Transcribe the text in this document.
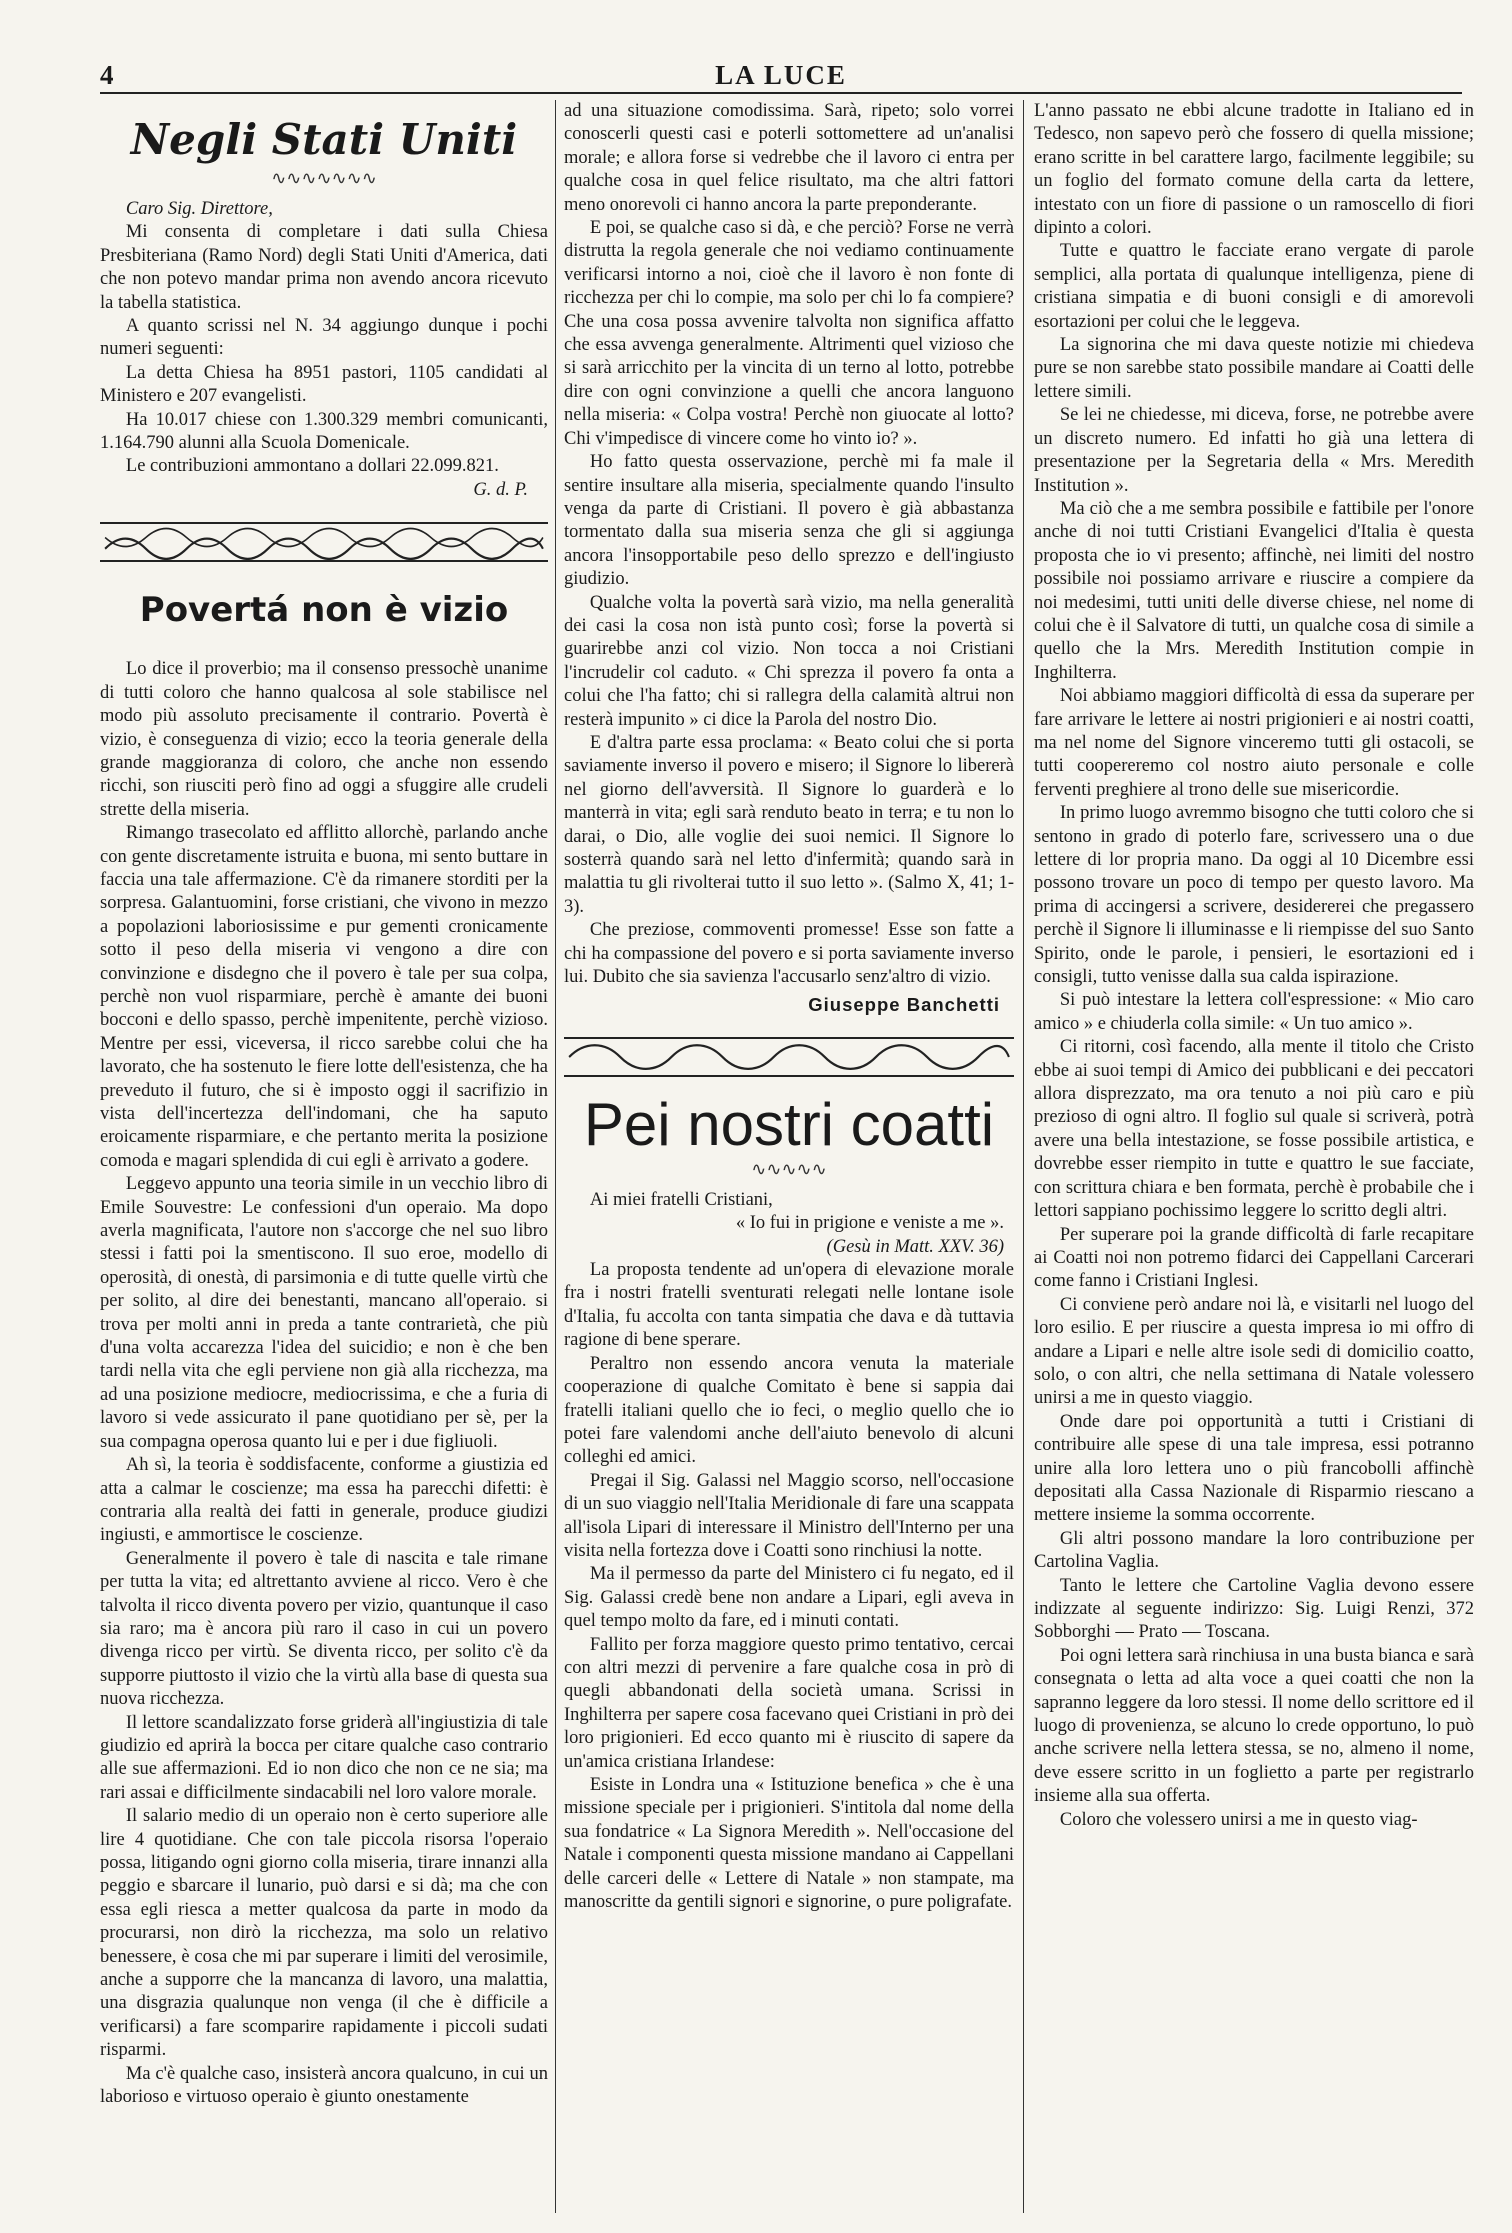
4	LA LUCE
Negli Stati Uniti
∿∿∿∿∿∿∿

Caro Sig. Direttore,

Mi consenta di completare i dati sulla Chiesa Presbiteriana (Ramo Nord) degli Stati Uniti d'America, dati che non potevo mandar prima non avendo ancora ricevuto la tabella statistica.

A quanto scrissi nel N. 34 aggiungo dunque i pochi numeri seguenti:

La detta Chiesa ha 8951 pastori, 1105 candidati al Ministero e 207 evangelisti.

Ha 10.017 chiese con 1.300.329 membri comunicanti, 1.164.790 alunni alla Scuola Domenicale.

Le contribuzioni ammontano a dollari 22.099.821.

G. d. P.
Povertá non è vizio

Lo dice il proverbio; ma il consenso pressochè unanime di tutti coloro che hanno qualcosa al sole stabilisce nel modo più assoluto precisamente il contrario. Povertà è vizio, è conseguenza di vizio; ecco la teoria generale della grande maggioranza di coloro, che anche non essendo ricchi, son riusciti però fino ad oggi a sfuggire alle crudeli strette della miseria.

Rimango trasecolato ed afflitto allorchè, parlando anche con gente discretamente istruita e buona, mi sento buttare in faccia una tale affermazione. C'è da rimanere storditi per la sorpresa. Galantuomini, forse cristiani, che vivono in mezzo a popolazioni laboriosissime e pur gementi cronicamente sotto il peso della miseria vi vengono a dire con convinzione e disdegno che il povero è tale per sua colpa, perchè non vuol risparmiare, perchè è amante dei buoni bocconi e dello spasso, perchè impenitente, perchè vizioso. Mentre per essi, viceversa, il ricco sarebbe colui che ha lavorato, che ha sostenuto le fiere lotte dell'esistenza, che ha preveduto il futuro, che si è imposto oggi il sacrifizio in vista dell'incertezza dell'indomani, che ha saputo eroicamente risparmiare, e che pertanto merita la posizione comoda e magari splendida di cui egli è arrivato a godere.

Leggevo appunto una teoria simile in un vecchio libro di Emile Souvestre: Le confessioni d'un operaio. Ma dopo averla magnificata, l'autore non s'accorge che nel suo libro stessi i fatti poi la smentiscono. Il suo eroe, modello di operosità, di onestà, di parsimonia e di tutte quelle virtù che per solito, al dire dei benestanti, mancano all'operaio. si trova per molti anni in preda a tante contrarietà, che più d'una volta accarezza l'idea del suicidio; e non è che ben tardi nella vita che egli perviene non già alla ricchezza, ma ad una posizione mediocre, mediocrissima, e che a furia di lavoro si vede assicurato il pane quotidiano per sè, per la sua compagna operosa quanto lui e per i due figliuoli.

Ah sì, la teoria è soddisfacente, conforme a giustizia ed atta a calmar le coscienze; ma essa ha parecchi difetti: è contraria alla realtà dei fatti in generale, produce giudizi ingiusti, e ammortisce le coscienze.

Generalmente il povero è tale di nascita e tale rimane per tutta la vita; ed altrettanto avviene al ricco. Vero è che talvolta il ricco diventa povero per vizio, quantunque il caso sia raro; ma è ancora più raro il caso in cui un povero divenga ricco per virtù. Se diventa ricco, per solito c'è da supporre piuttosto il vizio che la virtù alla base di questa sua nuova ricchezza.

Il lettore scandalizzato forse griderà all'ingiustizia di tale giudizio ed aprirà la bocca per citare qualche caso contrario alle sue affermazioni. Ed io non dico che non ce ne sia; ma rari assai e difficilmente sindacabili nel loro valore morale.

Il salario medio di un operaio non è certo superiore alle lire 4 quotidiane. Che con tale piccola risorsa l'operaio possa, litigando ogni giorno colla miseria, tirare innanzi alla peggio e sbarcare il lunario, può darsi e si dà; ma che con essa egli riesca a metter qualcosa da parte in modo da procurarsi, non dirò la ricchezza, ma solo un relativo benessere, è cosa che mi par superare i limiti del verosimile, anche a supporre che la mancanza di lavoro, una malattia, una disgrazia qualunque non venga (il che è difficile a verificarsi) a fare scomparire rapidamente i piccoli sudati risparmi.

Ma c'è qualche caso, insisterà ancora qualcuno, in cui un laborioso e virtuoso operaio è giunto onestamente

ad una situazione comodissima. Sarà, ripeto; solo vorrei conoscerli questi casi e poterli sottomettere ad un'analisi morale; e allora forse si vedrebbe che il lavoro ci entra per qualche cosa in quel felice risultato, ma che altri fattori meno onorevoli ci hanno ancora la parte preponderante.

E poi, se qualche caso si dà, e che perciò? Forse ne verrà distrutta la regola generale che noi vediamo continuamente verificarsi intorno a noi, cioè che il lavoro è non fonte di ricchezza per chi lo compie, ma solo per chi lo fa compiere? Che una cosa possa avvenire talvolta non significa affatto che essa avvenga generalmente. Altrimenti quel vizioso che si sarà arricchito per la vincita di un terno al lotto, potrebbe dire con ogni convinzione a quelli che ancora languono nella miseria: « Colpa vostra! Perchè non giuocate al lotto? Chi v'impedisce di vincere come ho vinto io? ».

Ho fatto questa osservazione, perchè mi fa male il sentire insultare alla miseria, specialmente quando l'insulto venga da parte di Cristiani. Il povero è già abbastanza tormentato dalla sua miseria senza che gli si aggiunga ancora l'insopportabile peso dello sprezzo e dell'ingiusto giudizio.

Qualche volta la povertà sarà vizio, ma nella generalità dei casi la cosa non istà punto così; forse la povertà si guarirebbe anzi col vizio. Non tocca a noi Cristiani l'incrudelir col caduto. « Chi sprezza il povero fa onta a colui che l'ha fatto; chi si rallegra della calamità altrui non resterà impunito » ci dice la Parola del nostro Dio.

E d'altra parte essa proclama: « Beato colui che si porta saviamente inverso il povero e misero; il Signore lo libererà nel giorno dell'avversità. Il Signore lo guarderà e lo manterrà in vita; egli sarà renduto beato in terra; e tu non lo darai, o Dio, alle voglie dei suoi nemici. Il Signore lo sosterrà quando sarà nel letto d'infermità; quando sarà in malattia tu gli rivolterai tutto il suo letto ». (Salmo X, 41; 1-3).

Che preziose, commoventi promesse! Esse son fatte a chi ha compassione del povero e si porta saviamente inverso lui. Dubito che sia savienza l'accusarlo senz'altro di vizio.

Giuseppe Banchetti
Pei nostri coatti
∿∿∿∿∿

Ai miei fratelli Cristiani,

« Io fui in prigione e veniste a me ».
(Gesù in Matt. XXV. 36)

La proposta tendente ad un'opera di elevazione morale fra i nostri fratelli sventurati relegati nelle lontane isole d'Italia, fu accolta con tanta simpatia che dava e dà tuttavia ragione di bene sperare.

Peraltro non essendo ancora venuta la materiale cooperazione di qualche Comitato è bene si sappia dai fratelli italiani quello che io feci, o meglio quello che io potei fare valendomi anche dell'aiuto benevolo di alcuni colleghi ed amici.

Pregai il Sig. Galassi nel Maggio scorso, nell'occasione di un suo viaggio nell'Italia Meridionale di fare una scappata all'isola Lipari di interessare il Ministro dell'Interno per una visita nella fortezza dove i Coatti sono rinchiusi la notte.

Ma il permesso da parte del Ministero ci fu negato, ed il Sig. Galassi credè bene non andare a Lipari, egli aveva in quel tempo molto da fare, ed i minuti contati.

Fallito per forza maggiore questo primo tentativo, cercai con altri mezzi di pervenire a fare qualche cosa in prò di quegli abbandonati della società umana. Scrissi in Inghilterra per sapere cosa facevano quei Cristiani in prò dei loro prigionieri. Ed ecco quanto mi è riuscito di sapere da un'amica cristiana Irlandese:

Esiste in Londra una « Istituzione benefica » che è una missione speciale per i prigionieri. S'intitola dal nome della sua fondatrice « La Signora Meredith ». Nell'occasione del Natale i componenti questa missione mandano ai Cappellani delle carceri delle « Lettere di Natale » non stampate, ma manoscritte da gentili signori e signorine, o pure poligrafate.

L'anno passato ne ebbi alcune tradotte in Italiano ed in Tedesco, non sapevo però che fossero di quella missione; erano scritte in bel carattere largo, facilmente leggibile; su un foglio del formato comune della carta da lettere, intestato con un fiore di passione o un ramoscello di fiori dipinto a colori.

Tutte e quattro le facciate erano vergate di parole semplici, alla portata di qualunque intelligenza, piene di cristiana simpatia e di buoni consigli e di amorevoli esortazioni per colui che le leggeva.

La signorina che mi dava queste notizie mi chiedeva pure se non sarebbe stato possibile mandare ai Coatti delle lettere simili.

Se lei ne chiedesse, mi diceva, forse, ne potrebbe avere un discreto numero. Ed infatti ho già una lettera di presentazione per la Segretaria della « Mrs. Meredith Institution ».

Ma ciò che a me sembra possibile e fattibile per l'onore anche di noi tutti Cristiani Evangelici d'Italia è questa proposta che io vi presento; affinchè, nei limiti del nostro possibile noi possiamo arrivare e riuscire a compiere da noi medesimi, tutti uniti delle diverse chiese, nel nome di colui che è il Salvatore di tutti, un qualche cosa di simile a quello che la Mrs. Meredith Institution compie in Inghilterra.

Noi abbiamo maggiori difficoltà di essa da superare per fare arrivare le lettere ai nostri prigionieri e ai nostri coatti, ma nel nome del Signore vinceremo tutti gli ostacoli, se tutti coopereremo col nostro aiuto personale e colle ferventi preghiere al trono delle sue misericordie.

In primo luogo avremmo bisogno che tutti coloro che si sentono in grado di poterlo fare, scrivessero una o due lettere di lor propria mano. Da oggi al 10 Dicembre essi possono trovare un poco di tempo per questo lavoro. Ma prima di accingersi a scrivere, desidererei che pregassero perchè il Signore li illuminasse e li riempisse del suo Santo Spirito, onde le parole, i pensieri, le esortazioni ed i consigli, tutto venisse dalla sua calda ispirazione.

Si può intestare la lettera coll'espressione: « Mio caro amico » e chiuderla colla simile: « Un tuo amico ».

Ci ritorni, così facendo, alla mente il titolo che Cristo ebbe ai suoi tempi di Amico dei pubblicani e dei peccatori allora disprezzato, ma ora tenuto a noi più caro e più prezioso di ogni altro. Il foglio sul quale si scriverà, potrà avere una bella intestazione, se fosse possibile artistica, e dovrebbe esser riempito in tutte e quattro le sue facciate, con scrittura chiara e ben formata, perchè è probabile che i lettori sappiano pochissimo leggere lo scritto degli altri.

Per superare poi la grande difficoltà di farle recapitare ai Coatti noi non potremo fidarci dei Cappellani Carcerari come fanno i Cristiani Inglesi.

Ci conviene però andare noi là, e visitarli nel luogo del loro esilio. E per riuscire a questa impresa io mi offro di andare a Lipari e nelle altre isole sedi di domicilio coatto, solo, o con altri, che nella settimana di Natale volessero unirsi a me in questo viaggio.

Onde dare poi opportunità a tutti i Cristiani di contribuire alle spese di una tale impresa, essi potranno unire alla loro lettera uno o più francobolli affinchè depositati alla Cassa Nazionale di Risparmio riescano a mettere insieme la somma occorrente.

Gli altri possono mandare la loro contribuzione per Cartolina Vaglia.

Tanto le lettere che Cartoline Vaglia devono essere indizzate al seguente indirizzo: Sig. Luigi Renzi, 372 Sobborghi — Prato — Toscana.

Poi ogni lettera sarà rinchiusa in una busta bianca e sarà consegnata o letta ad alta voce a quei coatti che non la sapranno leggere da loro stessi. Il nome dello scrittore ed il luogo di provenienza, se alcuno lo crede opportuno, lo può anche scrivere nella lettera stessa, se no, almeno il nome, deve essere scritto in un foglietto a parte per registrarlo insieme alla sua offerta.

Coloro che volessero unirsi a me in questo viag-
